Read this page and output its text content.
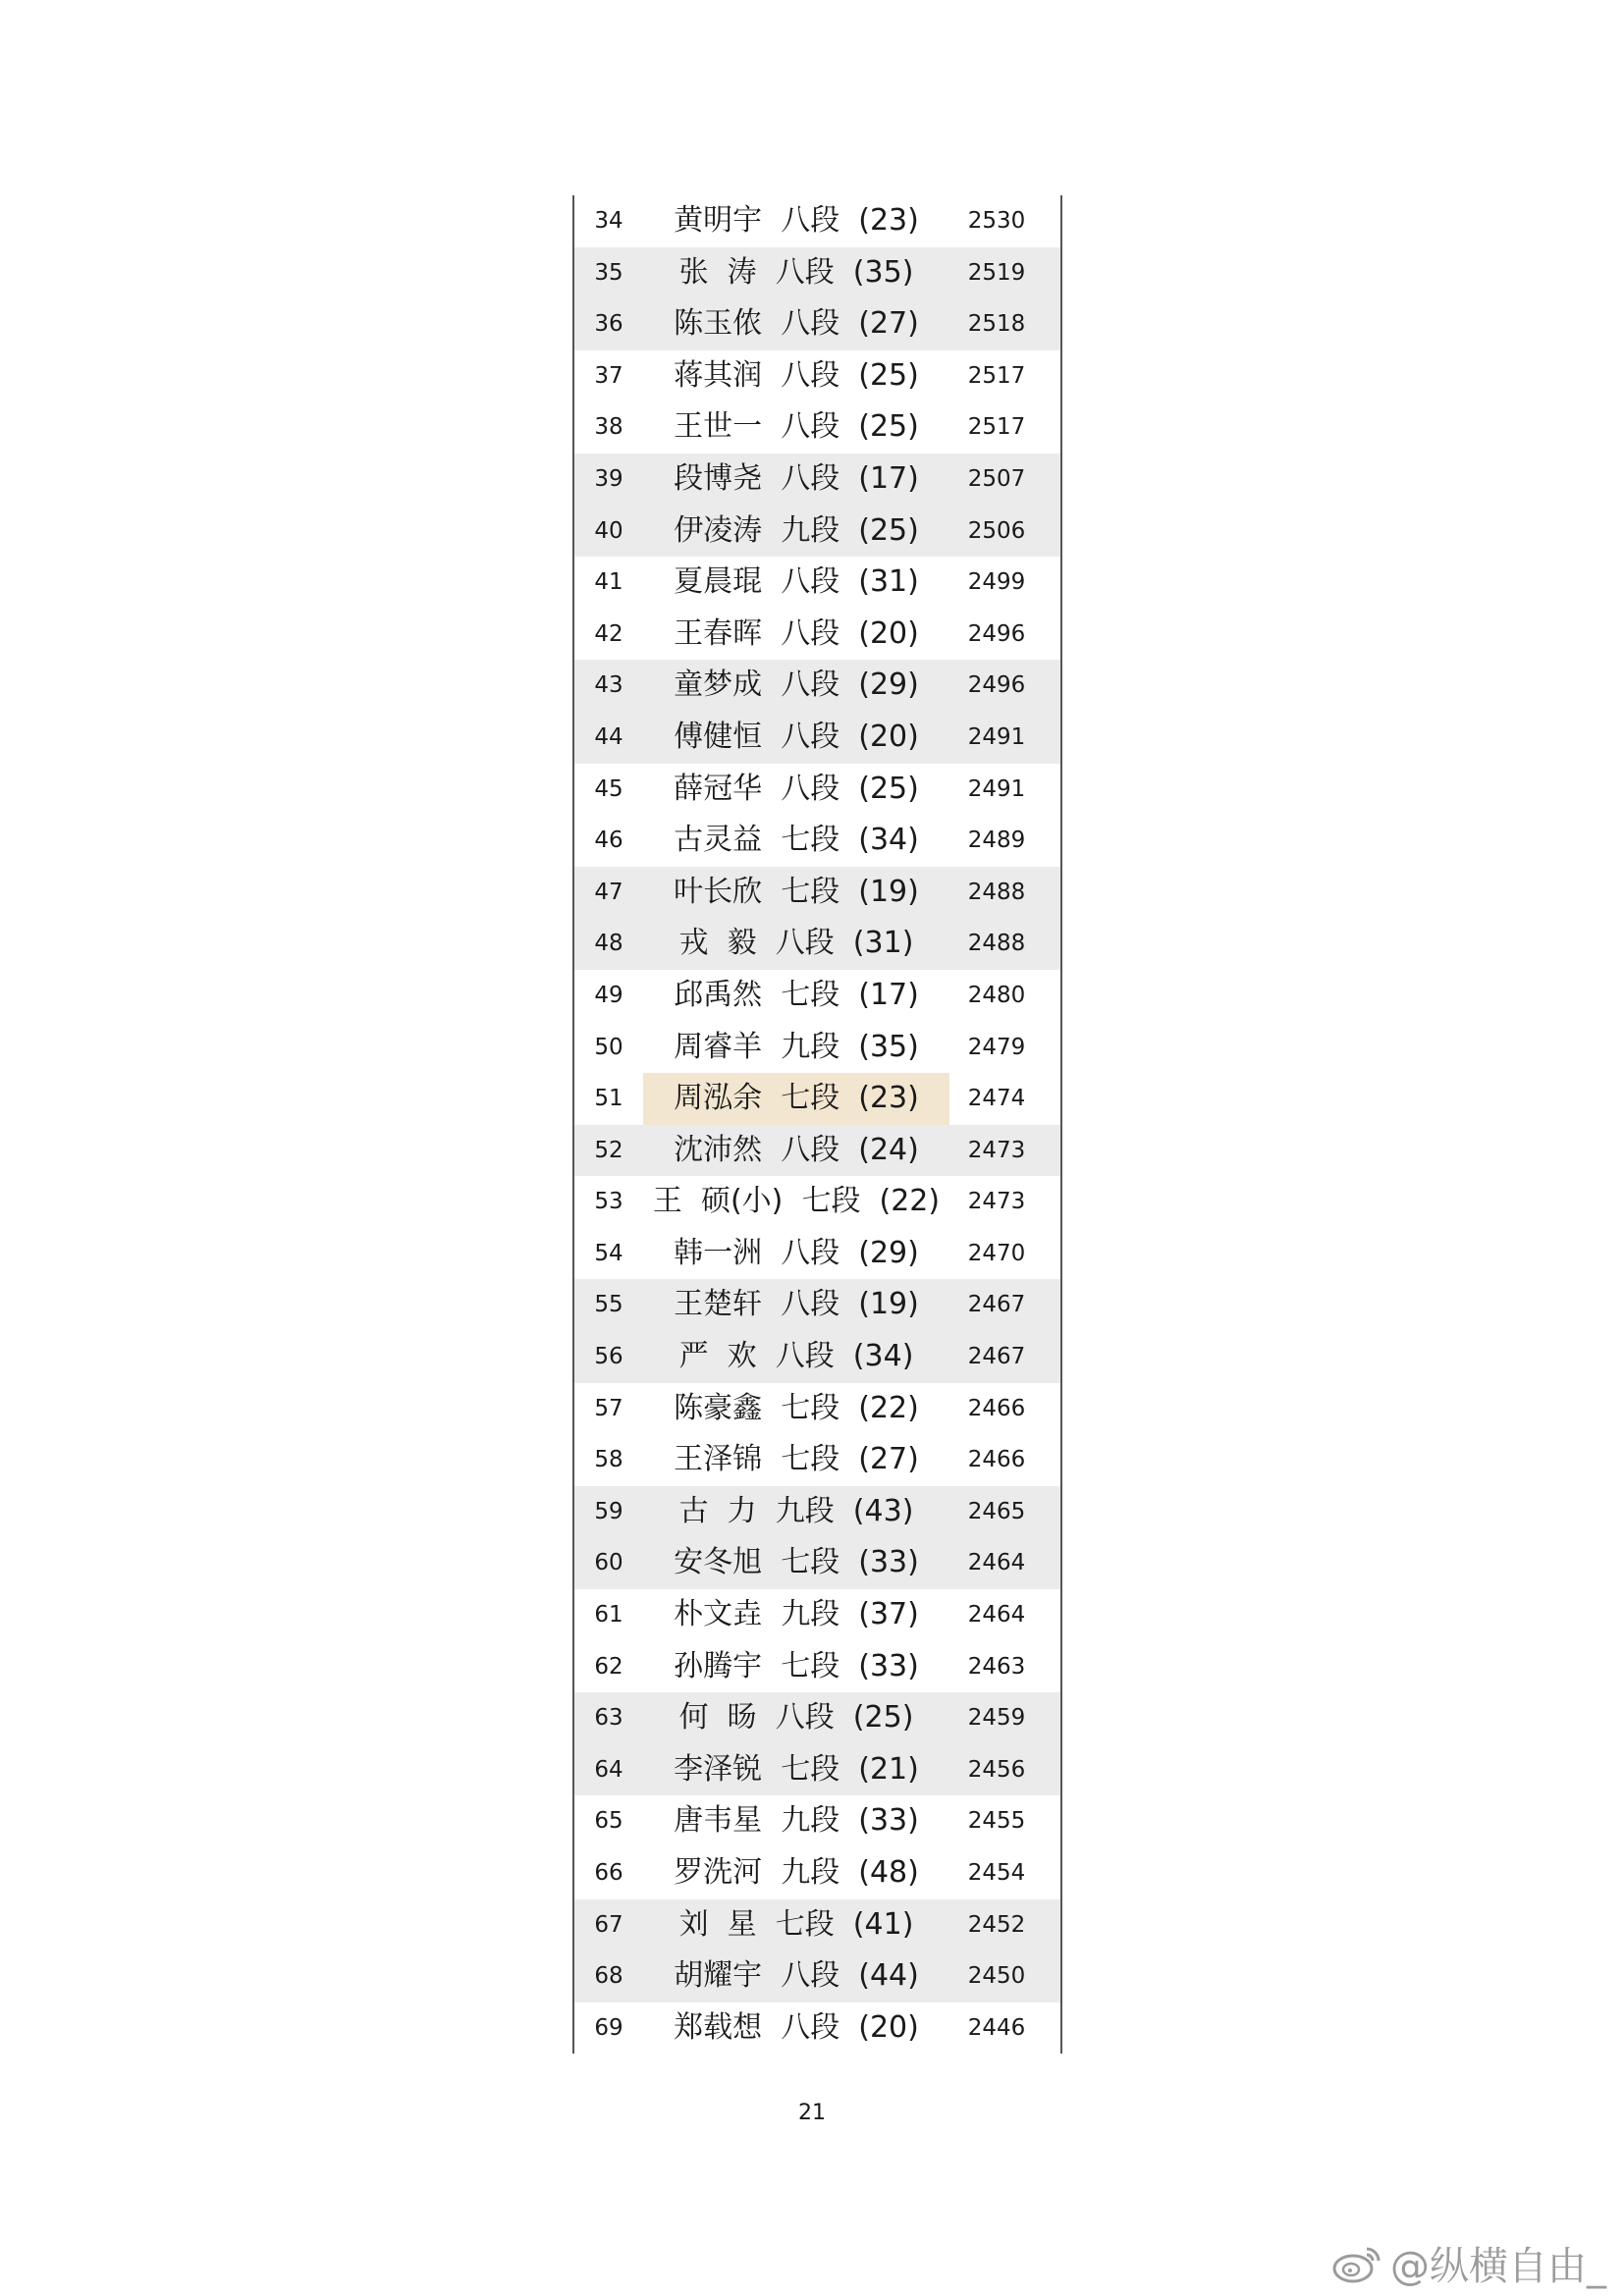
34	黄明宇  八段  (23)	2530
35	张  涛  八段  (35)	2519
36	陈玉侬  八段  (27)	2518
37	蒋其润  八段  (25)	2517
38	王世一  八段  (25)	2517
39	段博尧  八段  (17)	2507
40	伊凌涛  九段  (25)	2506
41	夏晨琨  八段  (31)	2499
42	王春晖  八段  (20)	2496
43	童梦成  八段  (29)	2496
44	傅健恒  八段  (20)	2491
45	薛冠华  八段  (25)	2491
46	古灵益  七段  (34)	2489
47	叶长欣  七段  (19)	2488
48	戎  毅  八段  (31)	2488
49	邱禹然  七段  (17)	2480
50	周睿羊  九段  (35)	2479
51	周泓余  七段  (23)	2474
52	沈沛然  八段  (24)	2473
53	王  硕(小)  七段  (22)	2473
54	韩一洲  八段  (29)	2470
55	王楚轩  八段  (19)	2467
56	严  欢  八段  (34)	2467
57	陈豪鑫  七段  (22)	2466
58	王泽锦  七段  (27)	2466
59	古  力  九段  (43)	2465
60	安冬旭  七段  (33)	2464
61	朴文垚  九段  (37)	2464
62	孙腾宇  七段  (33)	2463
63	何  旸  八段  (25)	2459
64	李泽锐  七段  (21)	2456
65	唐韦星  九段  (33)	2455
66	罗洗河  九段  (48)	2454
67	刘  星  七段  (41)	2452
68	胡耀宇  八段  (44)	2450
69	郑载想  八段  (20)	2446
21
@纵横自由_
